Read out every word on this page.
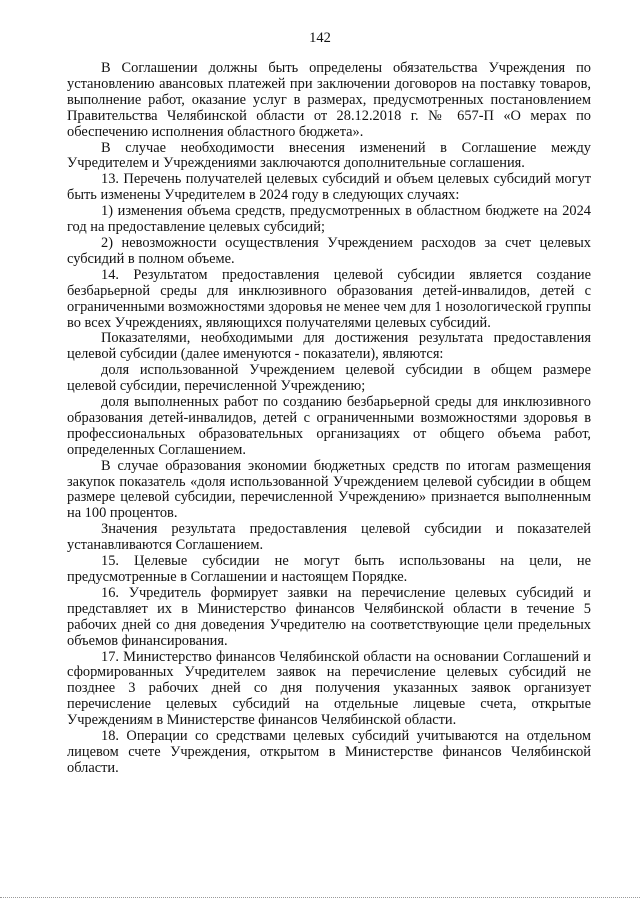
142

В Соглашении должны быть определены обязательства Учреждения по установлению авансовых платежей при заключении договоров на поставку товаров, выполнение работ, оказание услуг в размерах, предусмотренных постановлением Правительства Челябинской области от 28.12.2018 г. № 657-П «О мерах по обеспечению исполнения областного бюджета».

В случае необходимости внесения изменений в Соглашение между Учредителем и Учреждениями заключаются дополнительные соглашения.

13. Перечень получателей целевых субсидий и объем целевых субсидий могут быть изменены Учредителем в 2024 году в следующих случаях:

1) изменения объема средств, предусмотренных в областном бюджете на 2024 год на предоставление целевых субсидий;

2) невозможности осуществления Учреждением расходов за счет целевых субсидий в полном объеме.

14. Результатом предоставления целевой субсидии является создание безбарьерной среды для инклюзивного образования детей-инвалидов, детей с ограниченными возможностями здоровья не менее чем для 1 нозологической группы во всех Учреждениях, являющихся получателями целевых субсидий.

Показателями, необходимыми для достижения результата предоставления целевой субсидии (далее именуются - показатели), являются:

доля использованной Учреждением целевой субсидии в общем размере целевой субсидии, перечисленной Учреждению;

доля выполненных работ по созданию безбарьерной среды для инклюзивного образования детей-инвалидов, детей с ограниченными возможностями здоровья в профессиональных образовательных организациях от общего объема работ, определенных Соглашением.

В случае образования экономии бюджетных средств по итогам размещения закупок показатель «доля использованной Учреждением целевой субсидии в общем размере целевой субсидии, перечисленной Учреждению» признается выполненным на 100 процентов.

Значения результата предоставления целевой субсидии и показателей устанавливаются Соглашением.

15. Целевые субсидии не могут быть использованы на цели, не предусмотренные в Соглашении и настоящем Порядке.

16. Учредитель формирует заявки на перечисление целевых субсидий и представляет их в Министерство финансов Челябинской области в течение 5 рабочих дней со дня доведения Учредителю на соответствующие цели предельных объемов финансирования.

17. Министерство финансов Челябинской области на основании Соглашений и сформированных Учредителем заявок на перечисление целевых субсидий не позднее 3 рабочих дней со дня получения указанных заявок организует перечисление целевых субсидий на отдельные лицевые счета, открытые Учреждениям в Министерстве финансов Челябинской области.

18. Операции со средствами целевых субсидий учитываются на отдельном лицевом счете Учреждения, открытом в Министерстве финансов Челябинской области.
